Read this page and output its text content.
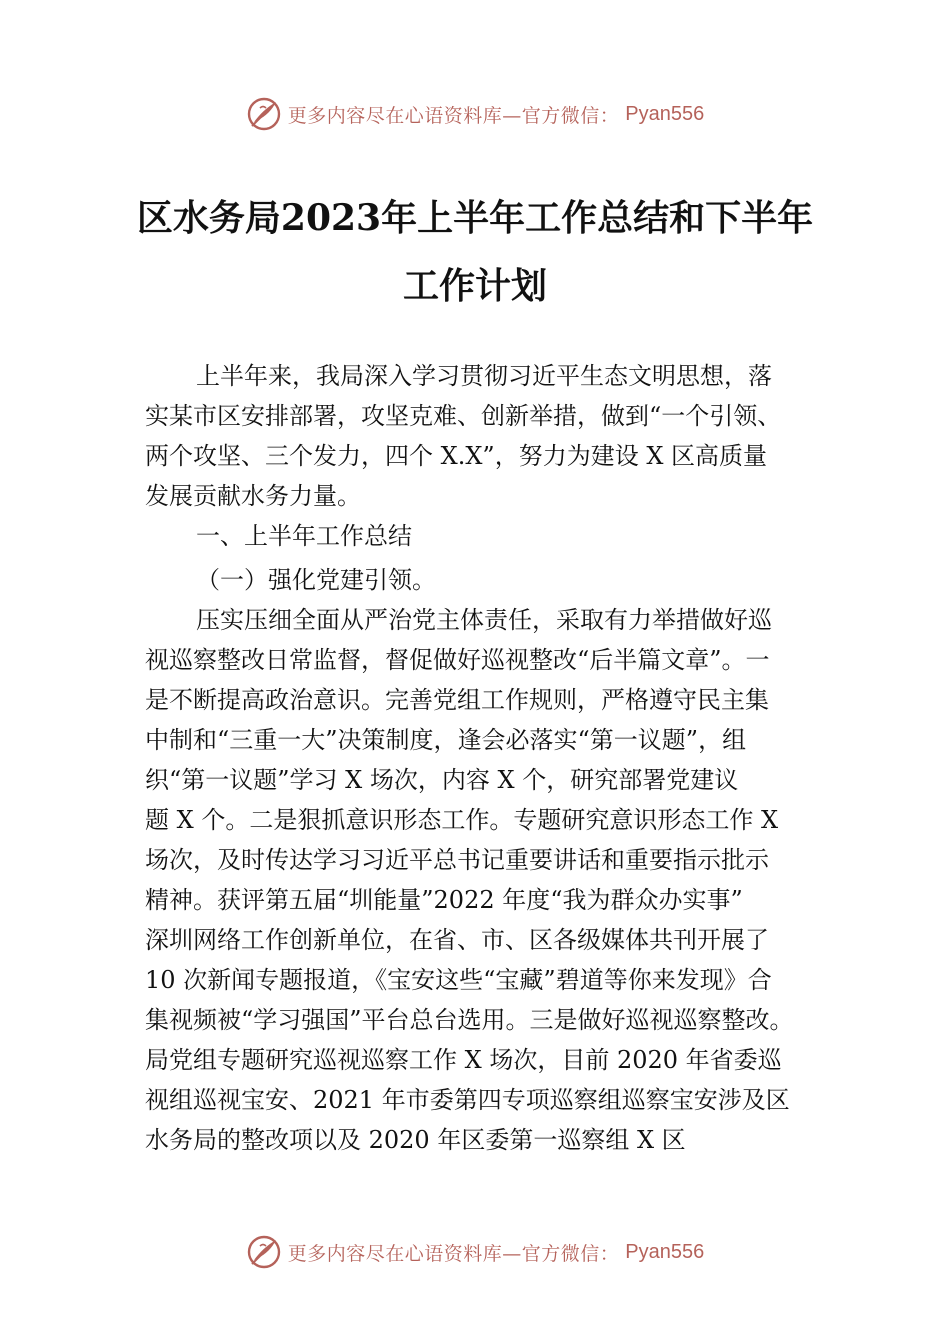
更多内容尽在心语资料库—官方微信： Pyan556
区水务局2023年上半年工作总结和下半年
工作计划
上半年来，我局深入学习贯彻习近平生态文明思想，落
实某市区安排部署，攻坚克难、创新举措，做到“一个引领、
两个攻坚、三个发力，四个 X.X”，努力为建设 X 区高质量
发展贡献水务力量。
一、上半年工作总结
（一）强化党建引领。
压实压细全面从严治党主体责任，采取有力举措做好巡
视巡察整改日常监督，督促做好巡视整改“后半篇文章”。一
是不断提高政治意识。完善党组工作规则，严格遵守民主集
中制和“三重一大”决策制度，逢会必落实“第一议题”，组
织“第一议题”学习 X 场次，内容 X 个，研究部署党建议
题 X 个。二是狠抓意识形态工作。专题研究意识形态工作 X
场次，及时传达学习习近平总书记重要讲话和重要指示批示
精神。获评第五届“圳能量”2022 年度“我为群众办实事”
深圳网络工作创新单位，在省、市、区各级媒体共刊开展了
10 次新闻专题报道，《宝安这些“宝藏”碧道等你来发现》合
集视频被“学习强国”平台总台选用。三是做好巡视巡察整改。
局党组专题研究巡视巡察工作 X 场次，目前 2020 年省委巡
视组巡视宝安、2021 年市委第四专项巡察组巡察宝安涉及区
水务局的整改项以及 2020 年区委第一巡察组 X 区
更多内容尽在心语资料库—官方微信： Pyan556
